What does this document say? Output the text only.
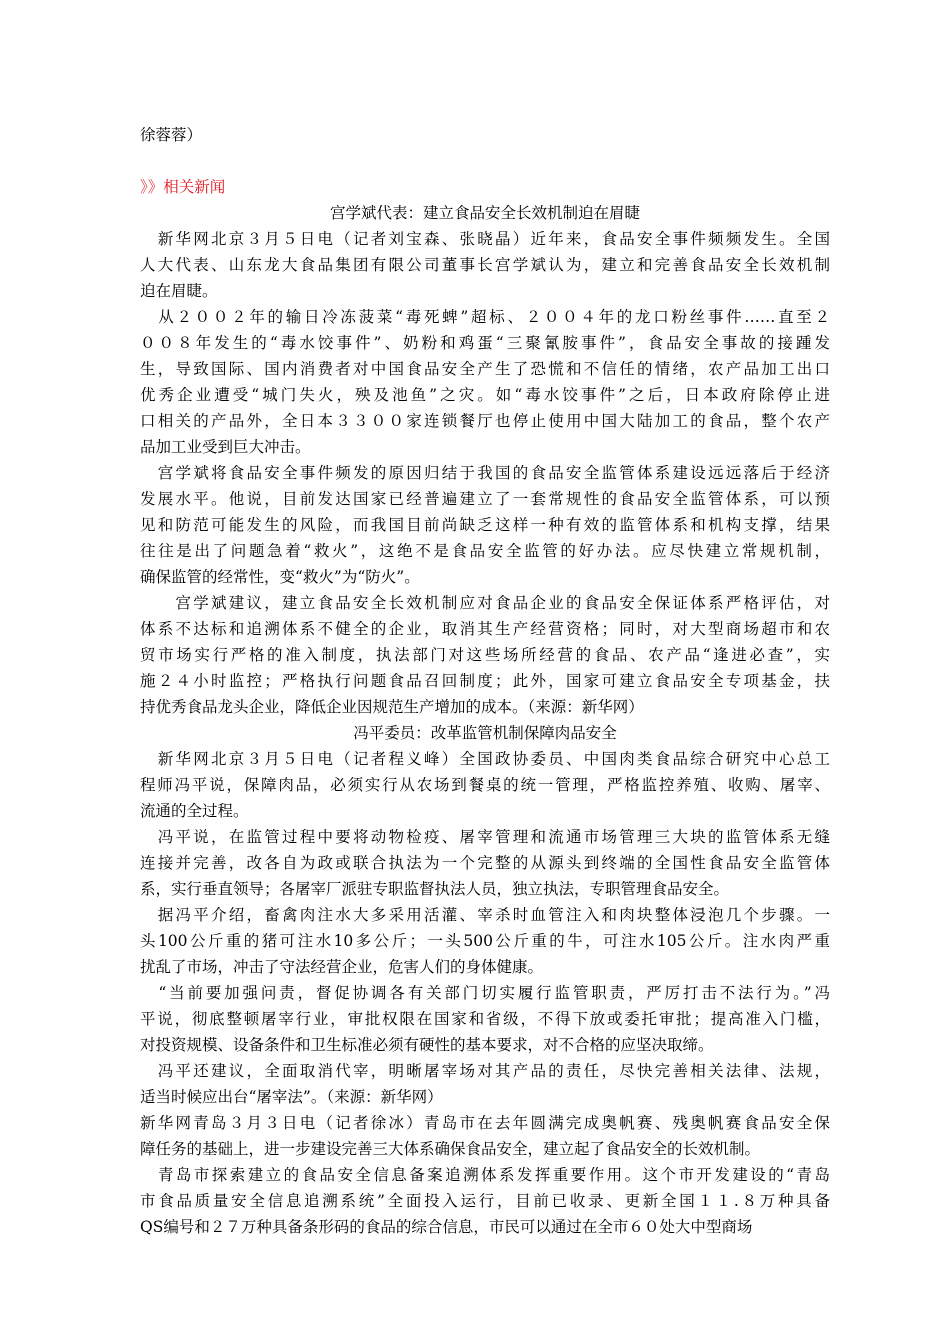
徐蓉蓉）
》》相关新闻
宫学斌代表：建立食品安全长效机制迫在眉睫
　新华网北京３月５日电（记者刘宝森、张晓晶）近年来，食品安全事件频频发生。全国
人大代表、山东龙大食品集团有限公司董事长宫学斌认为，建立和完善食品安全长效机制
迫在眉睫。
　从２００２年的输日冷冻菠菜“毒死蜱”超标、２００４年的龙口粉丝事件……直至２
００８年发生的“毒水饺事件”、奶粉和鸡蛋“三聚氰胺事件”，食品安全事故的接踵发
生，导致国际、国内消费者对中国食品安全产生了恐慌和不信任的情绪，农产品加工出口
优秀企业遭受“城门失火，殃及池鱼”之灾。如“毒水饺事件”之后，日本政府除停止进
口相关的产品外，全日本３３００家连锁餐厅也停止使用中国大陆加工的食品，整个农产
品加工业受到巨大冲击。
　宫学斌将食品安全事件频发的原因归结于我国的食品安全监管体系建设远远落后于经济
发展水平。他说，目前发达国家已经普遍建立了一套常规性的食品安全监管体系，可以预
见和防范可能发生的风险，而我国目前尚缺乏这样一种有效的监管体系和机构支撑，结果
往往是出了问题急着“救火”，这绝不是食品安全监管的好办法。应尽快建立常规机制，
确保监管的经常性，变“救火”为“防火”。
　　宫学斌建议，建立食品安全长效机制应对食品企业的食品安全保证体系严格评估，对
体系不达标和追溯体系不健全的企业，取消其生产经营资格；同时，对大型商场超市和农
贸市场实行严格的准入制度，执法部门对这些场所经营的食品、农产品“逢进必查”，实
施２４小时监控；严格执行问题食品召回制度；此外，国家可建立食品安全专项基金，扶
持优秀食品龙头企业，降低企业因规范生产增加的成本。（来源：新华网）
冯平委员：改革监管机制保障肉品安全
　新华网北京３月５日电（记者程义峰）全国政协委员、中国肉类食品综合研究中心总工
程师冯平说，保障肉品，必须实行从农场到餐桌的统一管理，严格监控养殖、收购、屠宰、
流通的全过程。
　冯平说，在监管过程中要将动物检疫、屠宰管理和流通市场管理三大块的监管体系无缝
连接并完善，改各自为政或联合执法为一个完整的从源头到终端的全国性食品安全监管体
系，实行垂直领导；各屠宰厂派驻专职监督执法人员，独立执法，专职管理食品安全。
　据冯平介绍，畜禽肉注水大多采用活灌、宰杀时血管注入和肉块整体浸泡几个步骤。一
头100公斤重的猪可注水10多公斤；一头500公斤重的牛，可注水105公斤。注水肉严重
扰乱了市场，冲击了守法经营企业，危害人们的身体健康。
　“当前要加强问责，督促协调各有关部门切实履行监管职责，严厉打击不法行为。”冯
平说，彻底整顿屠宰行业，审批权限在国家和省级，不得下放或委托审批；提高准入门槛，
对投资规模、设备条件和卫生标准必须有硬性的基本要求，对不合格的应坚决取缔。
　冯平还建议，全面取消代宰，明晰屠宰场对其产品的责任，尽快完善相关法律、法规，
适当时候应出台“屠宰法”。（来源：新华网）
新华网青岛３月３日电（记者徐冰）青岛市在去年圆满完成奥帆赛、残奥帆赛食品安全保
障任务的基础上，进一步建设完善三大体系确保食品安全，建立起了食品安全的长效机制。
　青岛市探索建立的食品安全信息备案追溯体系发挥重要作用。这个市开发建设的“青岛
市食品质量安全信息追溯系统”全面投入运行，目前已收录、更新全国１１.８万种具备
QS编号和２７万种具备条形码的食品的综合信息，市民可以通过在全市６０处大中型商场
